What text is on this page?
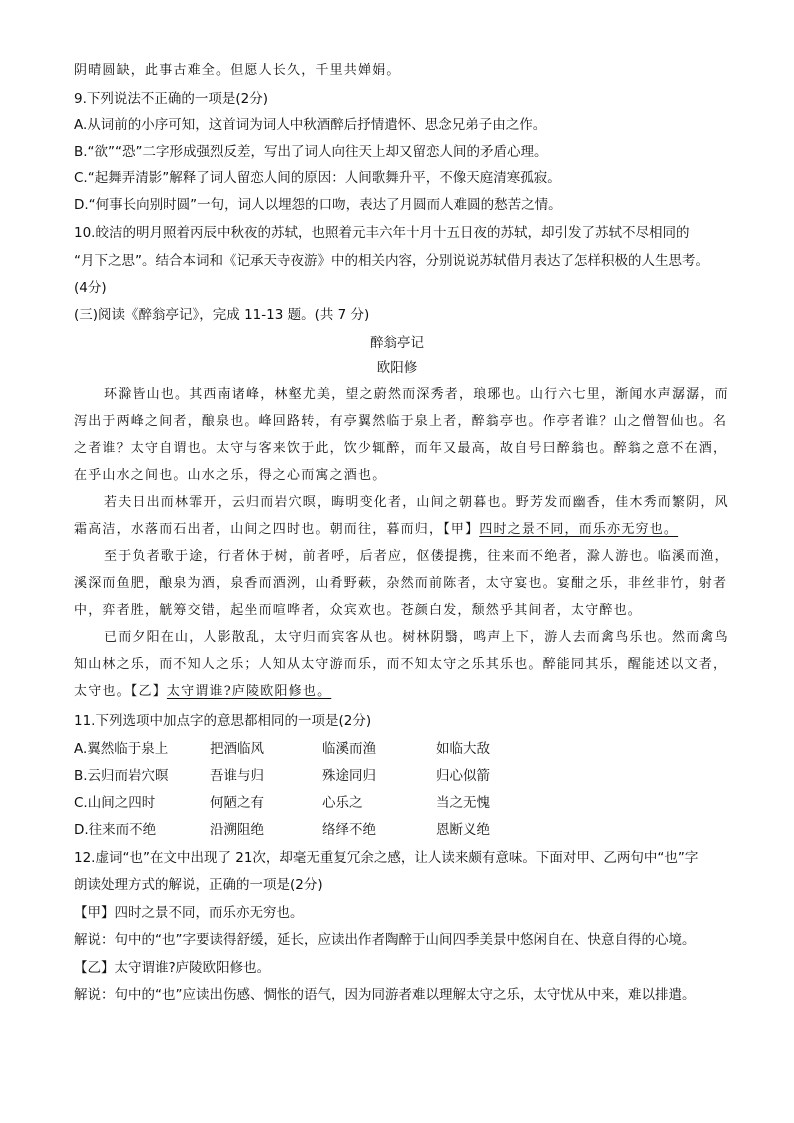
阴晴圆缺，此事古难全。但愿人长久，千里共婵娟。
9.下列说法不正确的一项是(2分)
A.从词前的小序可知，这首词为词人中秋酒醉后抒情遣怀、思念兄弟子由之作。
B.“欲”“恐”二字形成强烈反差，写出了词人向往天上却又留恋人间的矛盾心理。
C.“起舞弄清影”解释了词人留恋人间的原因：人间歌舞升平，不像天庭清寒孤寂。
D.“何事长向别时圆”一句，词人以埋怨的口吻，表达了月圆而人难圆的愁苦之情。
10.皎洁的明月照着丙辰中秋夜的苏轼，也照着元丰六年十月十五日夜的苏轼，却引发了苏轼不尽相同的
“月下之思”。结合本词和《记承天寺夜游》中的相关内容，分别说说苏轼借月表达了怎样积极的人生思考。
(4分)
(三)阅读《醉翁亭记》，完成 11-13 题。(共 7 分)
醉翁亭记
欧阳修
环滁皆山也。其西南诸峰，林壑尤美，望之蔚然而深秀者，琅琊也。山行六七里，渐闻水声潺潺，而
泻出于两峰之间者，酿泉也。峰回路转，有亭翼然临于泉上者，醉翁亭也。作亭者谁？山之僧智仙也。名
之者谁？太守自谓也。太守与客来饮于此，饮少辄醉，而年又最高，故自号曰醉翁也。醉翁之意不在酒，
在乎山水之间也。山水之乐，得之心而寓之酒也。
若夫日出而林霏开，云归而岩穴暝，晦明变化者，山间之朝暮也。野芳发而幽香，佳木秀而繁阴，风
霜高洁，水落而石出者，山间之四时也。朝而往，暮而归，【甲】四时之景不同，而乐亦无穷也。
至于负者歌于途，行者休于树，前者呼，后者应，伛偻提携，往来而不绝者，滁人游也。临溪而渔，
溪深而鱼肥，酿泉为酒，泉香而酒洌，山肴野蔌，杂然而前陈者，太守宴也。宴酣之乐，非丝非竹，射者
中，弈者胜，觥筹交错，起坐而喧哗者，众宾欢也。苍颜白发，颓然乎其间者，太守醉也。
已而夕阳在山，人影散乱，太守归而宾客从也。树林阴翳，鸣声上下，游人去而禽鸟乐也。然而禽鸟
知山林之乐，而不知人之乐；人知从太守游而乐，而不知太守之乐其乐也。醉能同其乐，醒能述以文者，
太守也。【乙】太守谓谁?庐陵欧阳修也。
11.下列选项中加点字的意思都相同的一项是(2分)
A.翼然临于泉上	把酒临风	临溪而渔	如临大敌
B.云归而岩穴暝	吾谁与归	殊途同归	归心似箭
C.山间之四时	何陋之有	心乐之	当之无愧
D.往来而不绝	沿溯阻绝	络绎不绝	恩断义绝
12.虚词“也”在文中出现了 21次，却毫无重复冗余之感，让人读来颇有意味。下面对甲、乙两句中“也”字
朗读处理方式的解说，正确的一项是(2分)
【甲】四时之景不同，而乐亦无穷也。
解说：句中的“也”字要读得舒缓，延长，应读出作者陶醉于山间四季美景中悠闲自在、快意自得的心境。
【乙】太守谓谁?庐陵欧阳修也。
解说：句中的“也”应读出伤感、惆怅的语气，因为同游者难以理解太守之乐，太守忧从中来，难以排遣。
